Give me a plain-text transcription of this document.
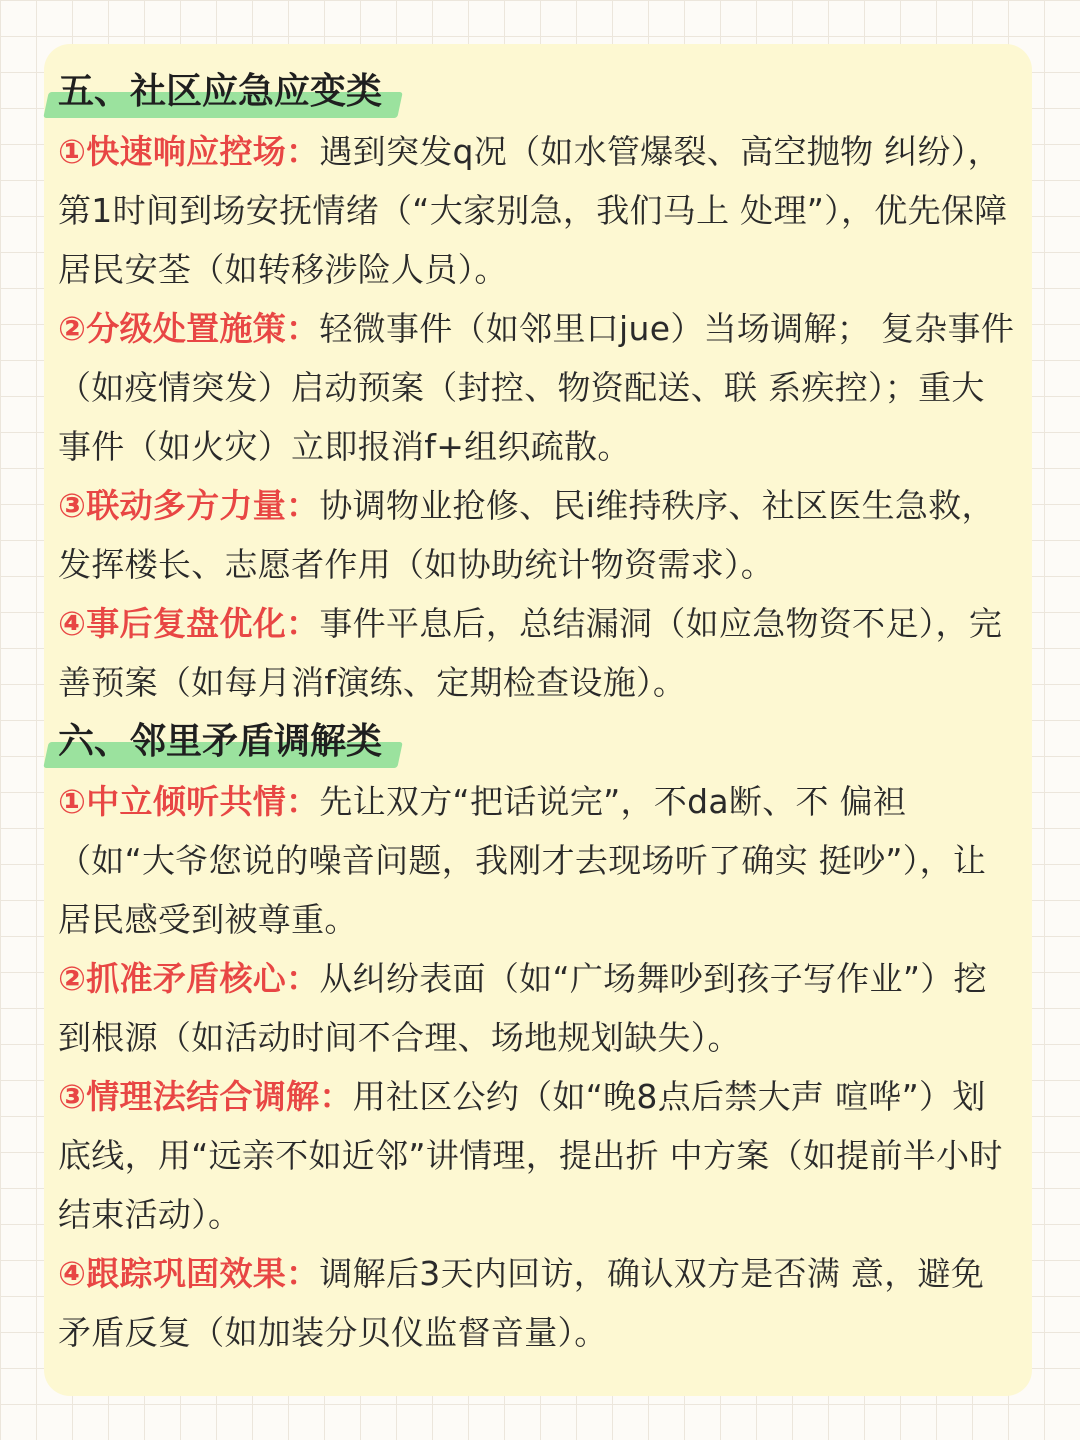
五、社区应急应变类

①快速响应控场：遇到突发q况（如水管爆裂、高空抛物 纠纷），第1时间到场安抚情绪（“大家别急，我们马上 处理”），优先保障居民安荃（如转移涉险人员）。

②分级处置施策：轻微事件（如邻里口jue）当场调解； 复杂事件（如疫情突发）启动预案（封控、物资配送、联 系疾控）；重大事件（如火灾）立即报消f+组织疏散。

③联动多方力量：协调物业抢修、民i维持秩序、社区医生急救，发挥楼长、志愿者作用（如协助统计物资需求）。

④事后复盘优化：事件平息后，总结漏洞（如应急物资不足），完善预案（如每月消f演练、定期检查设施）。

六、邻里矛盾调解类

①中立倾听共情：先让双方“把话说完”，不da断、不 偏袒（如“大爷您说的噪音问题，我刚才去现场听了确实 挺吵”），让居民感受到被尊重。

②抓准矛盾核心：从纠纷表面（如“广场舞吵到孩子写作业”）挖到根源（如活动时间不合理、场地规划缺失）。

③情理法结合调解：用社区公约（如“晚8点后禁大声 喧哗”）划底线，用“远亲不如近邻”讲情理，提出折 中方案（如提前半小时结束活动）。

④跟踪巩固效果：调解后3天内回访，确认双方是否满 意，避免矛盾反复（如加装分贝仪监督音量）。
